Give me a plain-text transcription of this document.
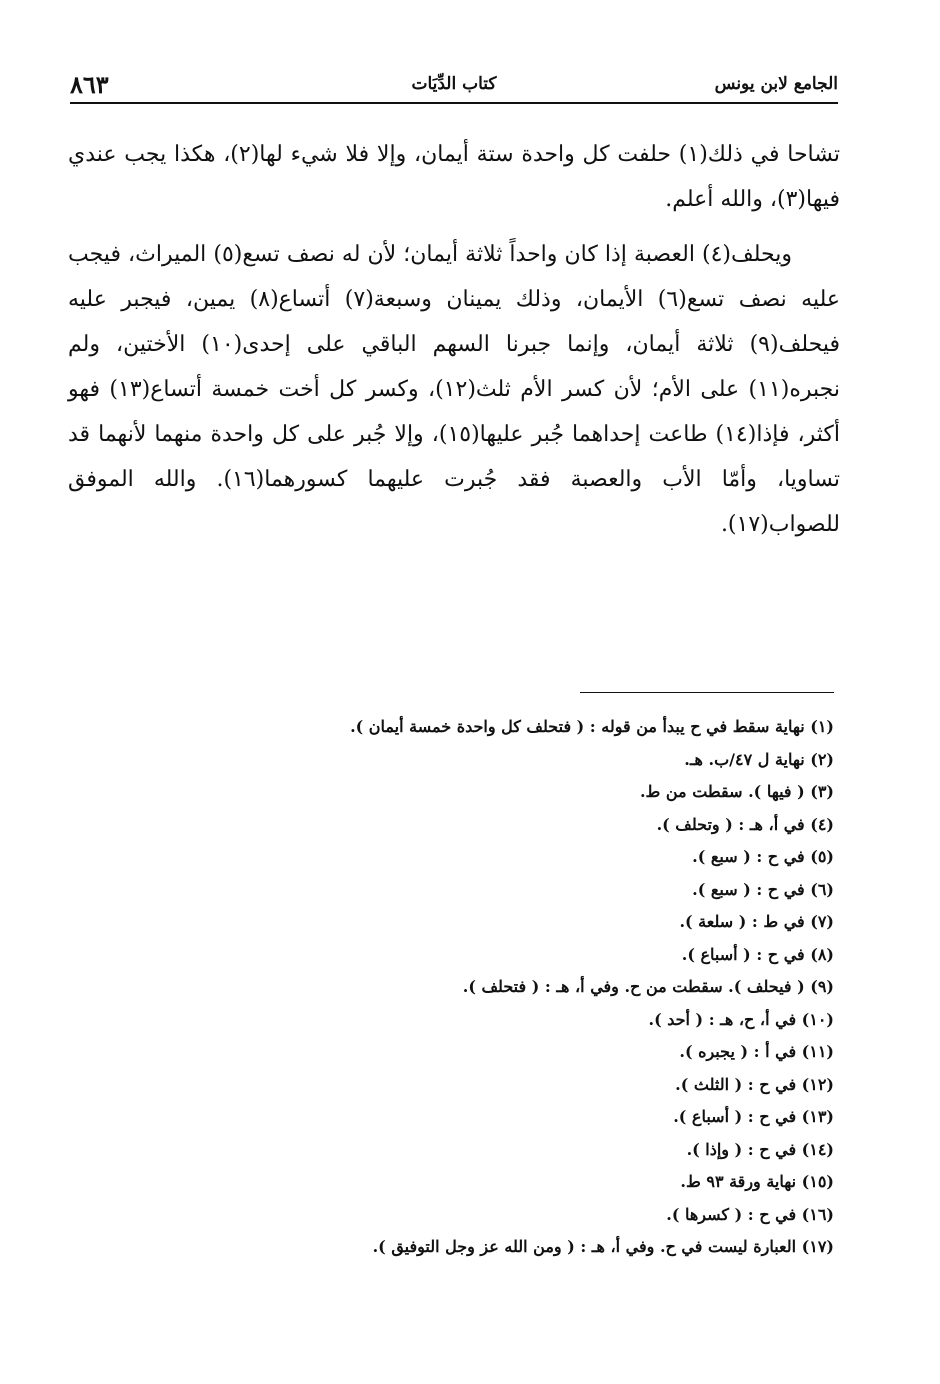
الجامع لابن يونس
كتاب الدِّيَات
٨٦٣

تشاحا في ذلك(١) حلفت كل واحدة ستة أيمان، وإلا فلا شيء لها(٢)، هكذا يجب عندي فيها(٣)، والله أعلم.

ويحلف(٤) العصبة إذا كان واحداً ثلاثة أيمان؛ لأن له نصف تسع(٥) الميراث، فيجب عليه نصف تسع(٦) الأيمان، وذلك يمينان وسبعة(٧) أتساع(٨) يمين، فيجبر عليه فيحلف(٩) ثلاثة أيمان، وإنما جبرنا السهم الباقي على إحدى(١٠) الأختين، ولم نجبره(١١) على الأم؛ لأن كسر الأم ثلث(١٢)، وكسر كل أخت خمسة أتساع(١٣) فهو أكثر، فإذا(١٤) طاعت إحداهما جُبر عليها(١٥)، وإلا جُبر على كل واحدة منهما لأنهما قد تساويا، وأمّا الأب والعصبة فقد جُبرت عليهما كسورهما(١٦). والله الموفق للصواب(١٧).

(١) نهاية سقط في ح يبدأ من قوله : ( فتحلف كل واحدة خمسة أيمان ).
(٢) نهاية ل ٤٧/ب. هـ.
(٣) ( فيها ). سقطت من ط.
(٤) في أ، هـ : ( وتحلف ).
(٥) في ح : ( سبع ).
(٦) في ح : ( سبع ).
(٧) في ط : ( سلعة ).
(٨) في ح : ( أسباع ).
(٩) ( فيحلف ). سقطت من ح. وفي أ، هـ : ( فتحلف ).
(١٠) في أ، ح، هـ : ( أحد ).
(١١) في أ : ( يجبره ).
(١٢) في ح : ( الثلث ).
(١٣) في ح : ( أسباع ).
(١٤) في ح : ( وإذا ).
(١٥) نهاية ورقة ٩٣ ط.
(١٦) في ح : ( كسرها ).
(١٧) العبارة ليست في ح. وفي أ، هـ : ( ومن الله عز وجل التوفيق ).
